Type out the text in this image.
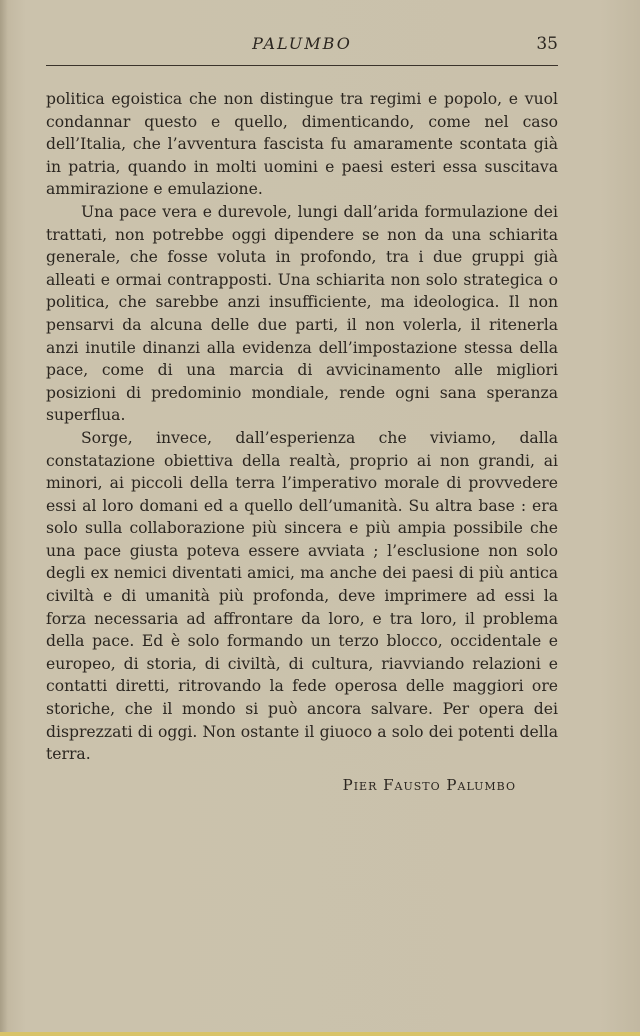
PALUMBO	35

politica egoistica che non distingue tra regimi e popolo, e vuol condannar questo e quello, dimenticando, come nel caso dell’Italia, che l’avventura fascista fu amaramente scontata già in patria, quando in molti uomini e paesi esteri essa suscitava ammirazione e emulazione.

Una pace vera e durevole, lungi dall’arida formulazione dei trattati, non potrebbe oggi dipendere se non da una schiarita generale, che fosse voluta in profondo, tra i due gruppi già alleati e ormai contrapposti. Una schiarita non solo strategica o politica, che sarebbe anzi insufficiente, ma ideologica. Il non pensarvi da alcuna delle due parti, il non volerla, il ritenerla anzi inutile dinanzi alla evidenza dell’impostazione stessa della pace, come di una marcia di avvicinamento alle migliori posizioni di predominio mondiale, rende ogni sana speranza superflua.

Sorge, invece, dall’esperienza che viviamo, dalla constatazione obiettiva della realtà, proprio ai non grandi, ai minori, ai piccoli della terra l’imperativo morale di provvedere essi al loro domani ed a quello dell’umanità. Su altra base : era solo sulla collaborazione più sincera e più ampia possibile che una pace giusta poteva essere avviata ; l’esclusione non solo degli ex nemici diventati amici, ma anche dei paesi di più antica civiltà e di umanità più profonda, deve imprimere ad essi la forza necessaria ad affrontare da loro, e tra loro, il problema della pace. Ed è solo formando un terzo blocco, occidentale e europeo, di storia, di civiltà, di cultura, riavviando relazioni e contatti diretti, ritrovando la fede operosa delle maggiori ore storiche, che il mondo si può ancora salvare. Per opera dei disprezzati di oggi. Non ostante il giuoco a solo dei potenti della terra.

Pier Fausto Palumbo
